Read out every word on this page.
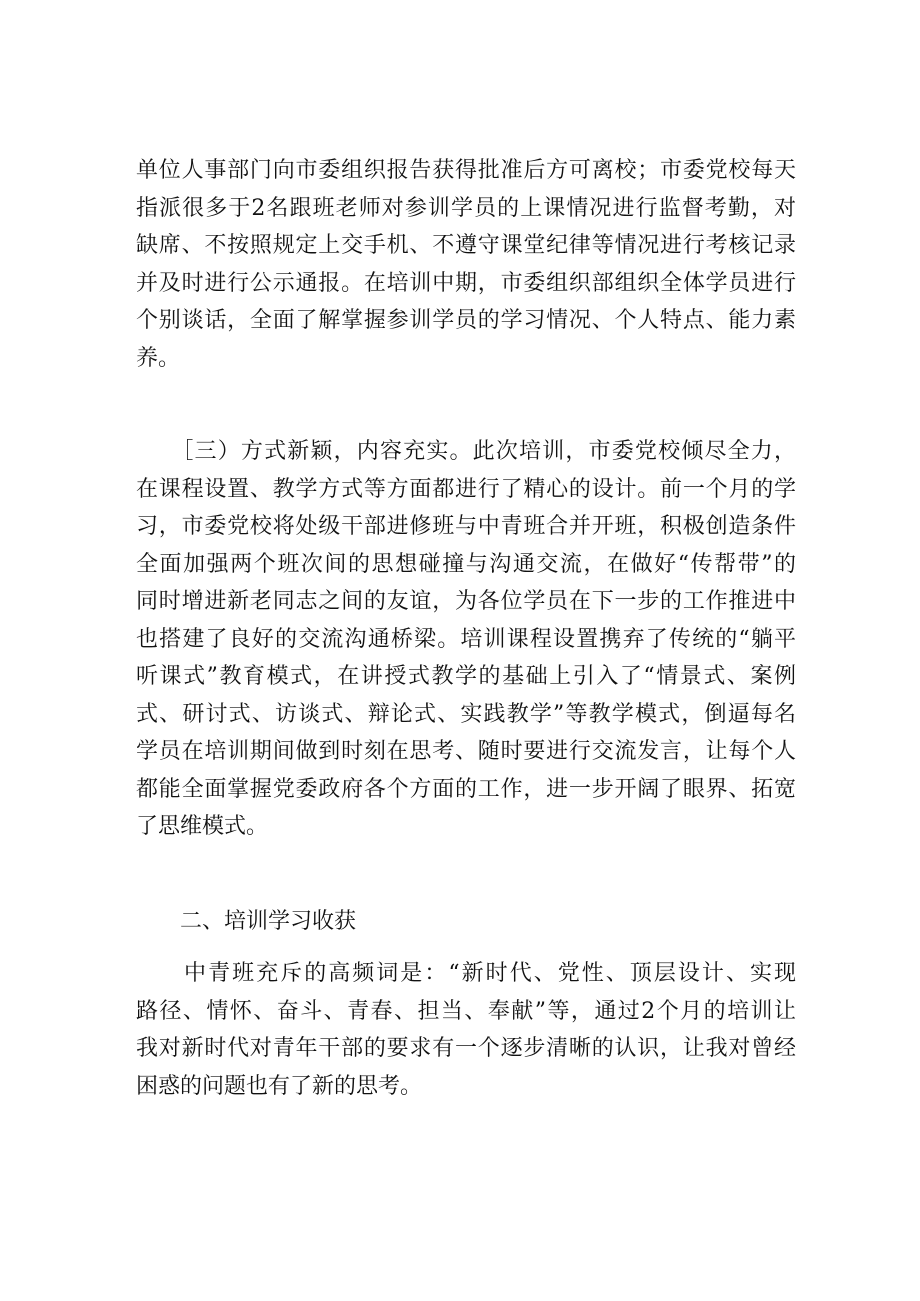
单位人事部门向市委组织报告获得批准后方可离校；市委党校每天
指派很多于2名跟班老师对参训学员的上课情况进行监督考勤，对
缺席、不按照规定上交手机、不遵守课堂纪律等情况进行考核记录
并及时进行公示通报。在培训中期，市委组织部组织全体学员进行
个别谈话，全面了解掌握参训学员的学习情况、个人特点、能力素
养。
　　［三）方式新颖，内容充实。此次培训，市委党校倾尽全力，
在课程设置、教学方式等方面都进行了精心的设计。前一个月的学
习，市委党校将处级干部进修班与中青班合并开班，积极创造条件
全面加强两个班次间的思想碰撞与沟通交流，在做好“传帮带”的
同时增进新老同志之间的友谊，为各位学员在下一步的工作推进中
也搭建了良好的交流沟通桥梁。培训课程设置携弃了传统的“躺平
听课式”教育模式，在讲授式教学的基础上引入了“情景式、案例
式、研讨式、访谈式、辩论式、实践教学”等教学模式，倒逼每名
学员在培训期间做到时刻在思考、随时要进行交流发言，让每个人
都能全面掌握党委政府各个方面的工作，进一步开阔了眼界、拓宽
了思维模式。
　　二、培训学习收获
　　中青班充斥的高频词是：“新时代、党性、顶层设计、实现
路径、情怀、奋斗、青春、担当、奉献”等，通过2个月的培训让
我对新时代对青年干部的要求有一个逐步清晰的认识，让我对曾经
困惑的问题也有了新的思考。
